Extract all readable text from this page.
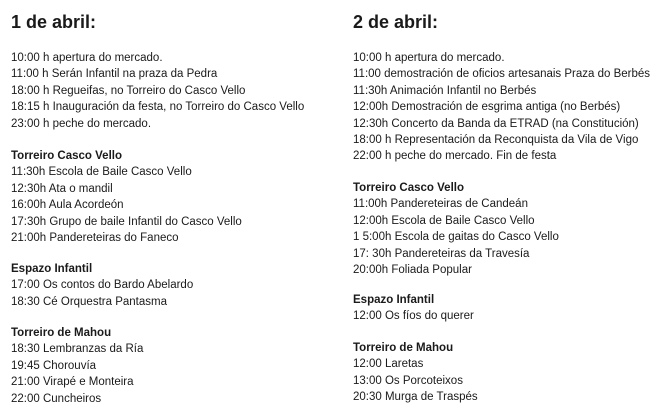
1 de abril:
10:00 h apertura do mercado.
11:00 h Serán Infantil na praza da Pedra
18:00 h Regueifas, no Torreiro do Casco Vello
18:15 h Inauguración da festa, no Torreiro do Casco Vello
23:00 h peche do mercado.
Torreiro Casco Vello
11:30h Escola de Baile Casco Vello
12:30h Ata o mandil
16:00h Aula Acordeón
17:30h Grupo de baile Infantil do Casco Vello
21:00h Pandereteiras do Faneco
Espazo Infantil
17:00 Os contos do Bardo Abelardo
18:30 Cé Orquestra Pantasma
Torreiro de Mahou
18:30 Lembranzas da Ría
19:45 Chorouvía
21:00 Virapé e Monteira
22:00 Cuncheiros
2 de abril:
10:00 h apertura do mercado.
11:00 demostración de oficios artesanais Praza do Berbés
11:30h Animación Infantil no Berbés
12:00h Demostración de esgrima antiga (no Berbés)
12:30h Concerto da Banda da ETRAD (na Constitución)
18:00 h Representación da Reconquista da Vila de Vigo
22:00 h peche do mercado. Fin de festa
Torreiro Casco Vello
11:00h Pandereteiras de Candeán
12:00h Escola de Baile Casco Vello
1 5:00h Escola de gaitas do Casco Vello
17: 30h Pandereteiras da Travesía
20:00h Foliada Popular
Espazo Infantil
12:00 Os fíos do querer
Torreiro de Mahou
12:00 Laretas
13:00 Os Porcoteixos
20:30 Murga de Traspés
